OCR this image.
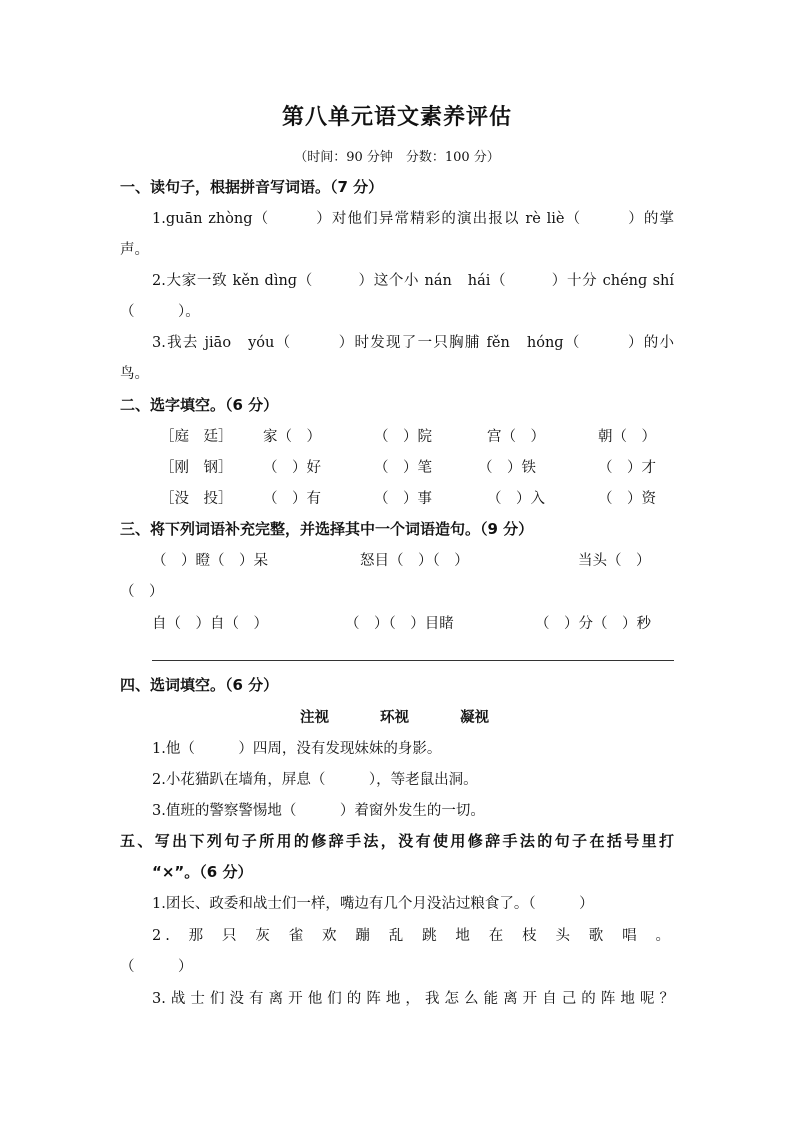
第八单元语文素养评估
（时间：90 分钟　分数：100 分）
一、读句子，根据拼音写词语。（7 分）
1.guān zhòng（　　　）对他们异常精彩的演出报以 rè liè（　　　）的掌
声。
2.大家一致 kěn dìnɡ（　　　）这个小 nán　hái（　　　）十分 chénɡ shí
（　　　）。
3.我去 jiāo　yóu（　　　）时发现了一只胸脯 fěn　hónɡ（　　　）的小
鸟。
二、选字填空。（6 分）
［庭　廷］ 家（　）	（　）院	宫（　）	朝（　）
［刚　钢］ （　）好	（　）笔	（　）铁	（　）才
［没　投］ （　）有	（　）事	（　）入	（　）资
三、将下列词语补充完整，并选择其中一个词语造句。（9 分）
（　）瞪（　）呆	怒目（　）（　）	当头（　）
（　）
自（　）自（　）	（　）（　）目睹	（　）分（　）秒
四、选词填空。（6 分）
注视	环视	凝视
1.他（　　　）四周，没有发现妹妹的身影。
2.小花猫趴在墙角，屏息（　　　），等老鼠出洞。
3.值班的警察警惕地（　　　）着窗外发生的一切。
五、写出下列句子所用的修辞手法，没有使用修辞手法的句子在括号里打
“×”。（6 分）
1.团长、政委和战士们一样，嘴边有几个月没沾过粮食了。（　　　）
2.那只灰雀欢蹦乱跳地在枝头歌唱。
（　　　）
3.战士们没有离开他们的阵地，我怎么能离开自己的阵地呢？
